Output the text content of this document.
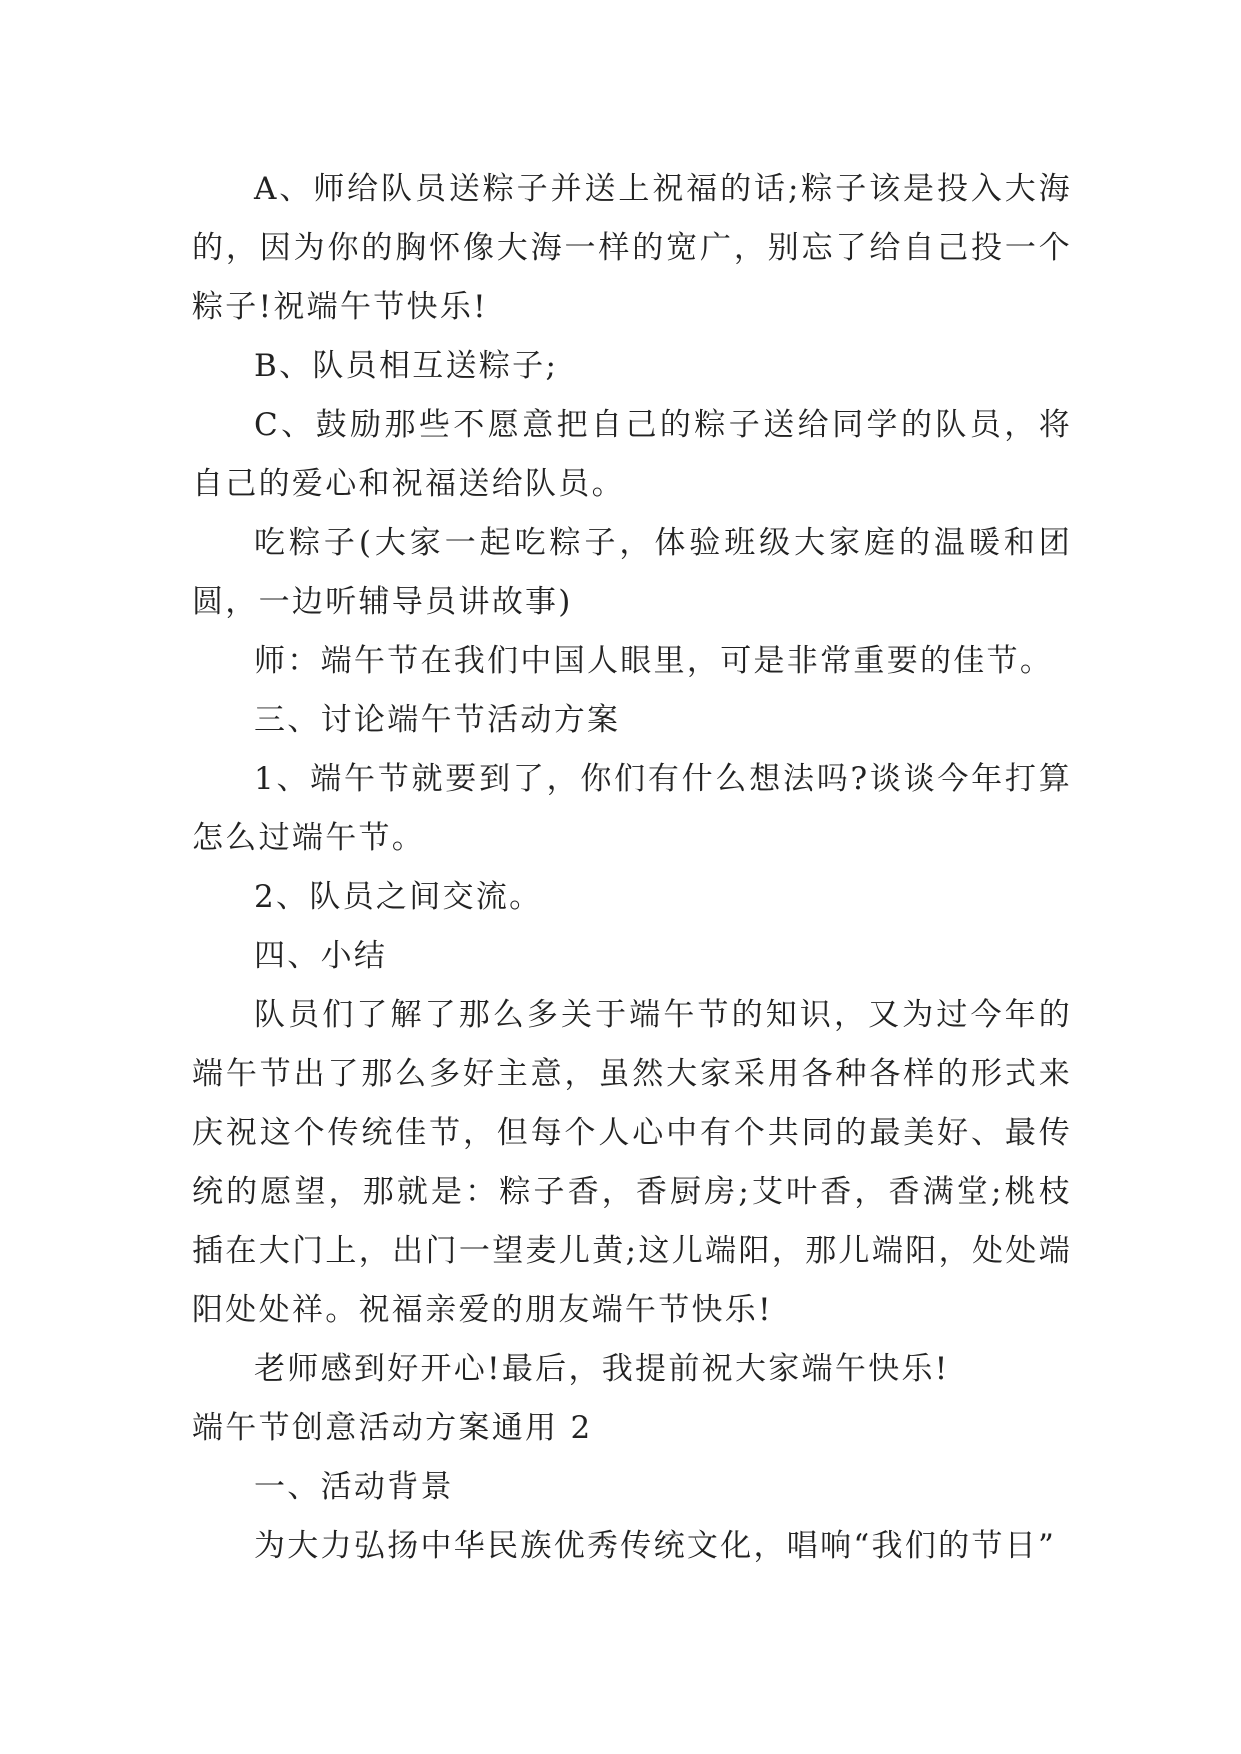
A、师给队员送粽子并送上祝福的话;粽子该是投入大海的，因为你的胸怀像大海一样的宽广，别忘了给自己投一个粽子!祝端午节快乐!

B、队员相互送粽子;

C、鼓励那些不愿意把自己的粽子送给同学的队员，将自己的爱心和祝福送给队员。

吃粽子(大家一起吃粽子，体验班级大家庭的温暖和团圆，一边听辅导员讲故事)

师：端午节在我们中国人眼里，可是非常重要的佳节。

三、讨论端午节活动方案

1、端午节就要到了，你们有什么想法吗?谈谈今年打算怎么过端午节。

2、队员之间交流。

四、小结

队员们了解了那么多关于端午节的知识，又为过今年的端午节出了那么多好主意，虽然大家采用各种各样的形式来庆祝这个传统佳节，但每个人心中有个共同的最美好、最传统的愿望，那就是：粽子香，香厨房;艾叶香，香满堂;桃枝插在大门上，出门一望麦儿黄;这儿端阳，那儿端阳，处处端阳处处祥。祝福亲爱的朋友端午节快乐!

老师感到好开心!最后，我提前祝大家端午快乐!

端午节创意活动方案通用 2

一、活动背景

为大力弘扬中华民族优秀传统文化，唱响“我们的节日”
